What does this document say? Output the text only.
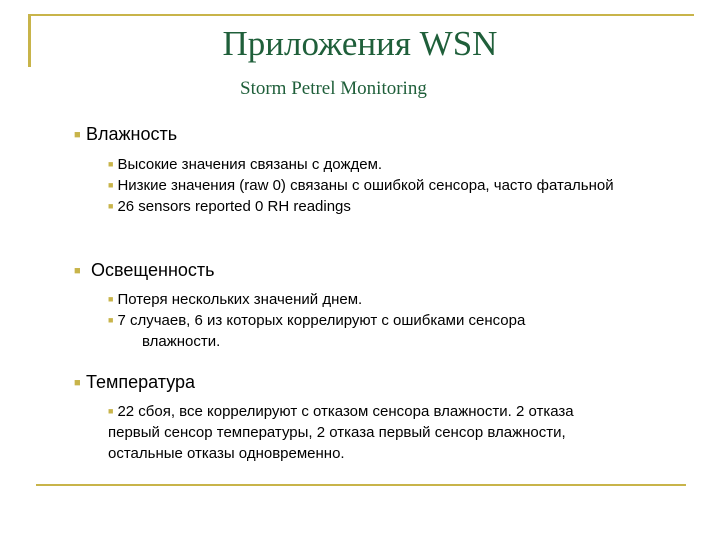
Приложения WSN
Storm Petrel Monitoring
■ Влажность
■ Высокие значения связаны с дождем.
■ Низкие значения (raw 0) связаны с ошибкой сенсора, часто фатальной
■ 26 sensors reported 0 RH readings
■ Освещенность
■ Потеря нескольких значений днем.
■ 7 случаев, 6 из которых коррелируют с ошибками сенсора
влажности.
■ Температура
■ 22 сбоя, все коррелируют с отказом сенсора влажности. 2 отказа первый сенсор температуры, 2 отказа первый сенсор влажности, остальные отказы одновременно.
